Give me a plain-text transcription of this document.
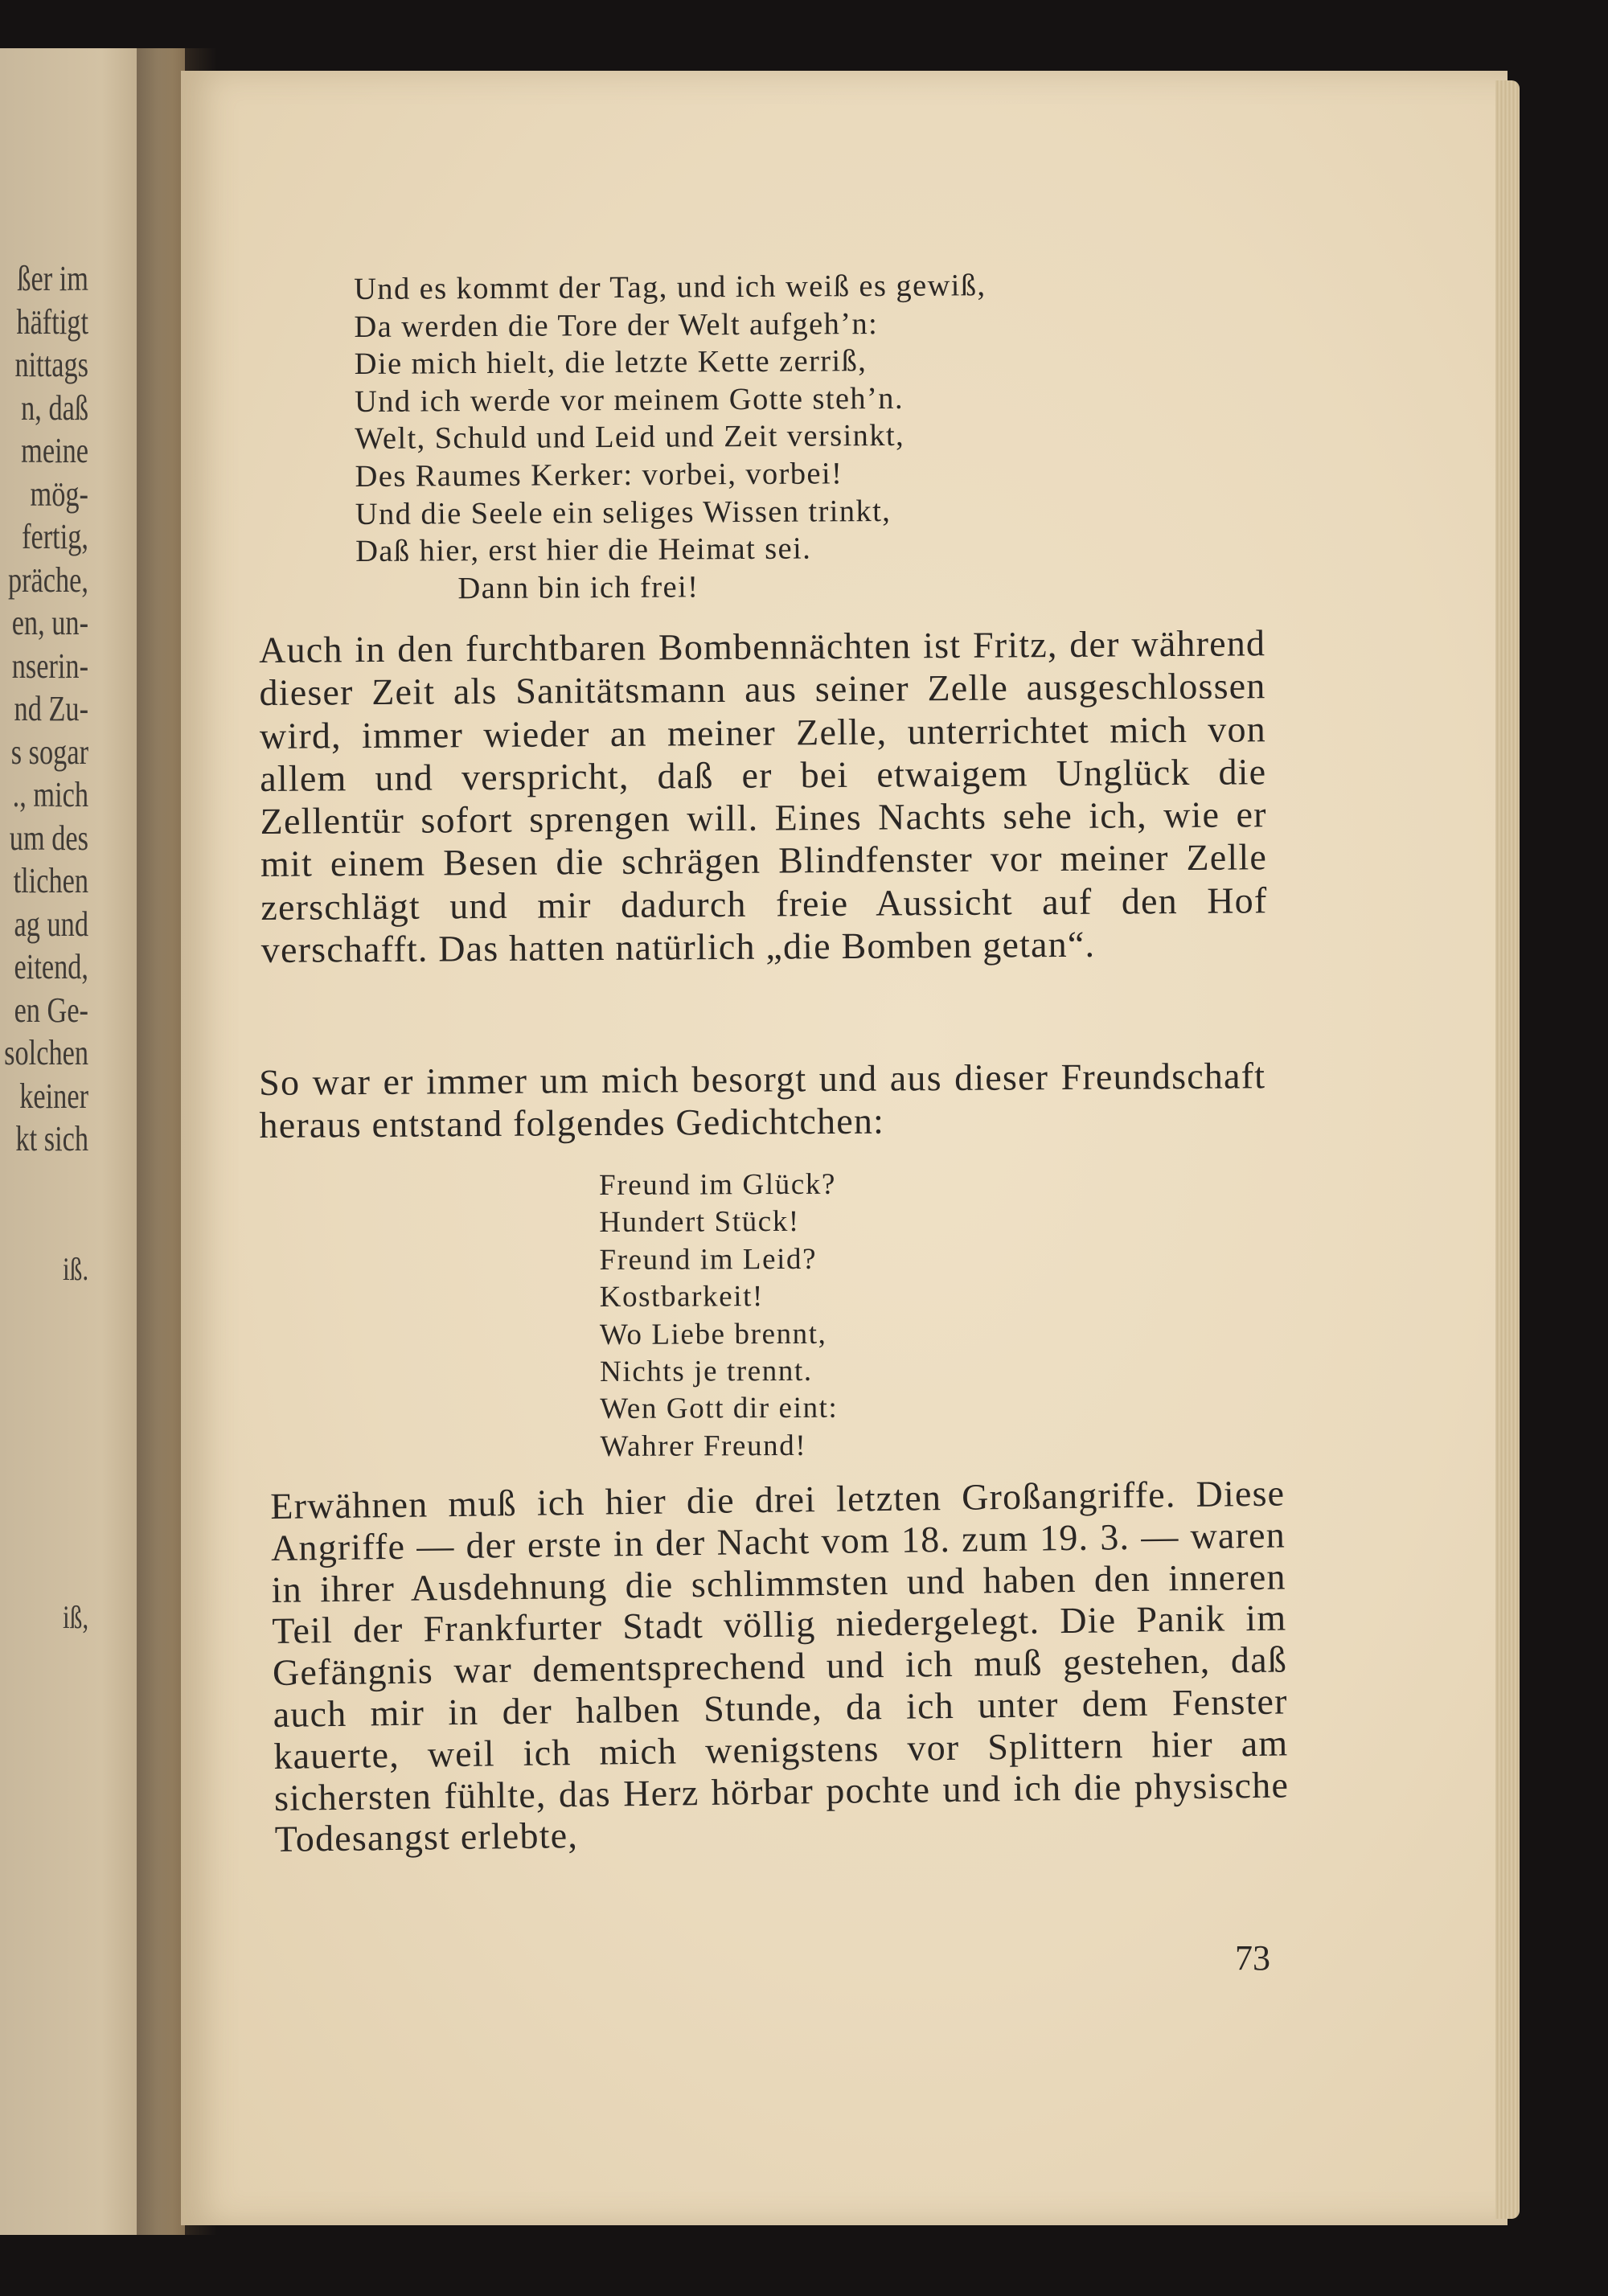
ßer im
häftigt
nittags
n, daß
meine
mög-
fertig,
präche,
en, un-
nserin-
nd Zu-
s sogar
., mich
um des
tlichen
ag und
eitend,
en Ge-
solchen
keiner
kt sich
iß.
iß,
Und es kommt der Tag, und ich weiß es gewiß,
Da werden die Tore der Welt aufgeh’n:
Die mich hielt, die letzte Kette zerriß,
Und ich werde vor meinem Gotte steh’n.
Welt, Schuld und Leid und Zeit versinkt,
Des Raumes Kerker: vorbei, vorbei!
Und die Seele ein seliges Wissen trinkt,
Daß hier, erst hier die Heimat sei.
Dann bin ich frei!
Auch in den furchtbaren Bombennächten ist Fritz, der während dieser Zeit als Sanitätsmann aus seiner Zelle ausgeschlossen wird, immer wieder an meiner Zelle, unterrichtet mich von allem und verspricht, daß er bei etwaigem Unglück die Zellentür sofort sprengen will. Eines Nachts sehe ich, wie er mit einem Besen die schrägen Blindfenster vor meiner Zelle zerschlägt und mir dadurch freie Aussicht auf den Hof verschafft. Das hatten natürlich „die Bomben getan“.
So war er immer um mich besorgt und aus dieser Freundschaft heraus entstand folgendes Gedichtchen:
Freund im Glück?
Hundert Stück!
Freund im Leid?
Kostbarkeit!
Wo Liebe brennt,
Nichts je trennt.
Wen Gott dir eint:
Wahrer Freund!
Erwähnen muß ich hier die drei letzten Großangriffe. Diese Angriffe — der erste in der Nacht vom 18. zum 19. 3. — waren in ihrer Ausdehnung die schlimmsten und haben den inneren Teil der Frankfurter Stadt völlig niedergelegt. Die Panik im Gefängnis war dementsprechend und ich muß gestehen, daß auch mir in der halben Stunde, da ich unter dem Fenster kauerte, weil ich mich wenigstens vor Splittern hier am sichersten fühlte, das Herz hörbar pochte und ich die physische Todesangst erlebte,
73
